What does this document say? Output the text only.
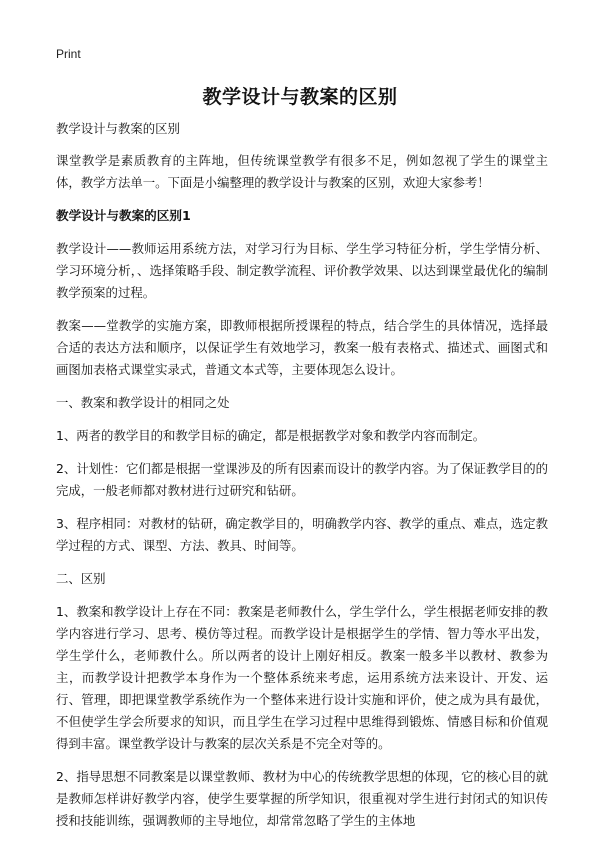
Print
教学设计与教案的区别

教学设计与教案的区别

课堂教学是素质教育的主阵地，但传统课堂教学有很多不足，例如忽视了学生的课堂主体，教学方法单一。下面是小编整理的教学设计与教案的区别，欢迎大家参考！

教学设计与教案的区别1

教学设计——教师运用系统方法，对学习行为目标、学生学习特征分析，学生学情分析、学习环境分析，、选择策略手段、制定教学流程、评价教学效果、以达到课堂最优化的编制教学预案的过程。

教案——堂教学的实施方案，即教师根据所授课程的特点，结合学生的具体情况，选择最合适的表达方法和顺序，以保证学生有效地学习，教案一般有表格式、描述式、画图式和画图加表格式课堂实录式，普通文本式等，主要体现怎么设计。

一、教案和教学设计的相同之处

1、两者的教学目的和教学目标的确定，都是根据教学对象和教学内容而制定。

2、计划性：它们都是根据一堂课涉及的所有因素而设计的教学内容。为了保证教学目的的完成，一般老师都对教材进行过研究和钻研。

3、程序相同：对教材的钻研，确定教学目的，明确教学内容、教学的重点、难点，选定教学过程的方式、课型、方法、教具、时间等。

二、区别

1、教案和教学设计上存在不同：教案是老师教什么，学生学什么，学生根据老师安排的教学内容进行学习、思考、模仿等过程。而教学设计是根据学生的学情、智力等水平出发，学生学什么，老师教什么。所以两者的设计上刚好相反。教案一般多半以教材、教参为主，而教学设计把教学本身作为一个整体系统来考虑，运用系统方法来设计、开发、运行、管理，即把课堂教学系统作为一个整体来进行设计实施和评价，使之成为具有最优，不但使学生学会所要求的知识，而且学生在学习过程中思维得到锻炼、情感目标和价值观得到丰富。课堂教学设计与教案的层次关系是不完全对等的。

2、指导思想不同教案是以课堂教师、教材为中心的传统教学思想的体现，它的核心目的就是教师怎样讲好教学内容，使学生要掌握的所学知识，很重视对学生进行封闭式的知识传授和技能训练，强调教师的主导地位，却常常忽略了学生的主体地
